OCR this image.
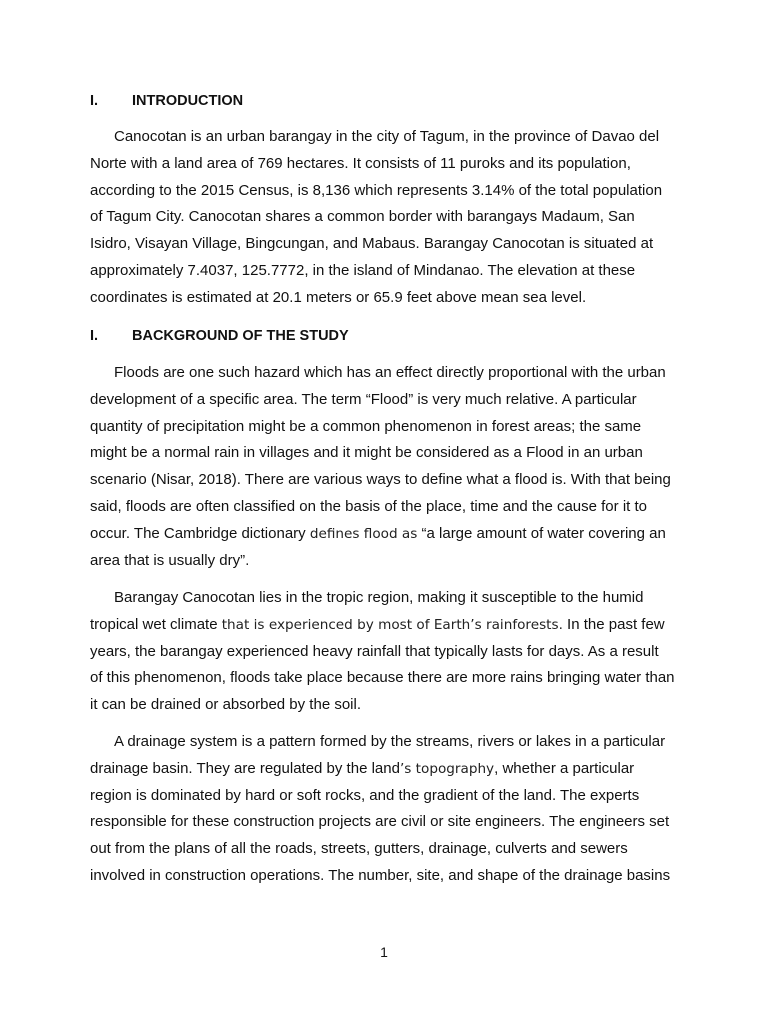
I. INTRODUCTION

Canocotan is an urban barangay in the city of Tagum, in the province of Davao del
Norte with a land area of 769 hectares. It consists of 11 puroks and its population,
according to the 2015 Census, is 8,136 which represents 3.14% of the total population
of Tagum City. Canocotan shares a common border with barangays Madaum, San
Isidro, Visayan Village, Bingcungan, and Mabaus. Barangay Canocotan is situated at
approximately 7.4037, 125.7772, in the island of Mindanao. The elevation at these
coordinates is estimated at 20.1 meters or 65.9 feet above mean sea level.

I. BACKGROUND OF THE STUDY

Floods are one such hazard which has an effect directly proportional with the urban
development of a specific area. The term “Flood” is very much relative. A particular
quantity of precipitation might be a common phenomenon in forest areas; the same
might be a normal rain in villages and it might be considered as a Flood in an urban
scenario (Nisar, 2018). There are various ways to define what a flood is. With that being
said, floods are often classified on the basis of the place, time and the cause for it to
occur. The Cambridge dictionary defines flood as “a large amount of water covering an
area that is usually dry”.

Barangay Canocotan lies in the tropic region, making it susceptible to the humid
tropical wet climate that is experienced by most of Earth’s rainforests. In the past few
years, the barangay experienced heavy rainfall that typically lasts for days. As a result
of this phenomenon, floods take place because there are more rains bringing water than
it can be drained or absorbed by the soil.

A drainage system is a pattern formed by the streams, rivers or lakes in a particular
drainage basin. They are regulated by the land’s topography, whether a particular
region is dominated by hard or soft rocks, and the gradient of the land. The experts
responsible for these construction projects are civil or site engineers. The engineers set
out from the plans of all the roads, streets, gutters, drainage, culverts and sewers
involved in construction operations. The number, site, and shape of the drainage basins

1
